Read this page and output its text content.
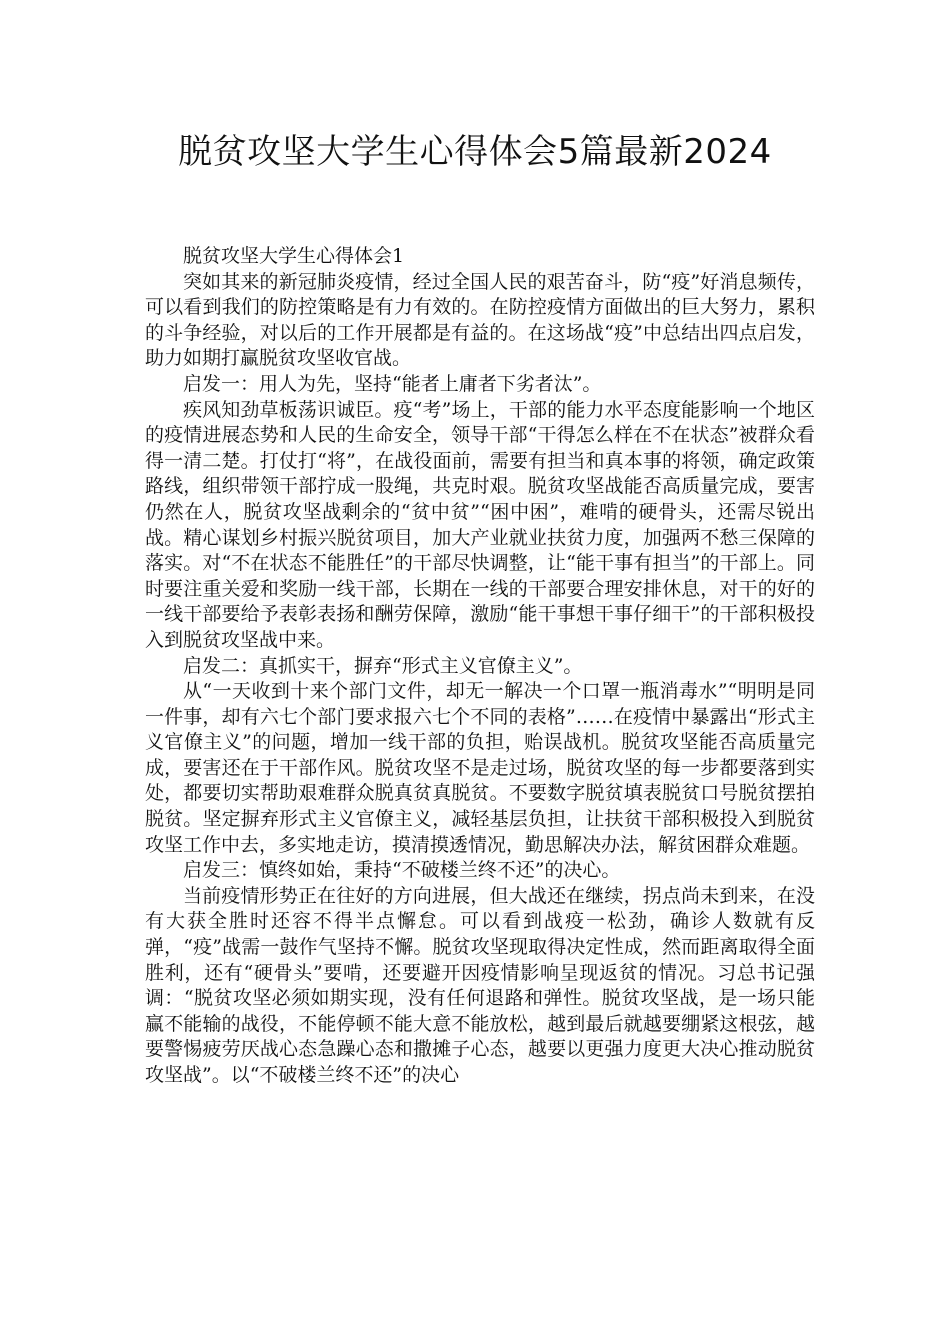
脱贫攻坚大学生心得体会5篇最新2024

脱贫攻坚大学生心得体会1

突如其来的新冠肺炎疫情，经过全国人民的艰苦奋斗，防“疫”好消息频传，可以看到我们的防控策略是有力有效的。在防控疫情方面做出的巨大努力，累积的斗争经验，对以后的工作开展都是有益的。在这场战“疫”中总结出四点启发，助力如期打赢脱贫攻坚收官战。

启发一：用人为先，坚持“能者上庸者下劣者汰”。

疾风知劲草板荡识诚臣。疫“考”场上，干部的能力水平态度能影响一个地区的疫情进展态势和人民的生命安全，领导干部“干得怎么样在不在状态”被群众看得一清二楚。打仗打“将”，在战役面前，需要有担当和真本事的将领，确定政策路线，组织带领干部拧成一股绳，共克时艰。脱贫攻坚战能否高质量完成，要害仍然在人，脱贫攻坚战剩余的“贫中贫”“困中困”，难啃的硬骨头，还需尽锐出战。精心谋划乡村振兴脱贫项目，加大产业就业扶贫力度，加强两不愁三保障的落实。对“不在状态不能胜任”的干部尽快调整，让“能干事有担当”的干部上。同时要注重关爱和奖励一线干部，长期在一线的干部要合理安排休息，对干的好的一线干部要给予表彰表扬和酬劳保障，激励“能干事想干事仔细干”的干部积极投入到脱贫攻坚战中来。

启发二：真抓实干，摒弃“形式主义官僚主义”。

从“一天收到十来个部门文件，却无一解决一个口罩一瓶消毒水”“明明是同一件事，却有六七个部门要求报六七个不同的表格”……在疫情中暴露出“形式主义官僚主义”的问题，增加一线干部的负担，贻误战机。脱贫攻坚能否高质量完成，要害还在于干部作风。脱贫攻坚不是走过场，脱贫攻坚的每一步都要落到实处，都要切实帮助艰难群众脱真贫真脱贫。不要数字脱贫填表脱贫口号脱贫摆拍脱贫。坚定摒弃形式主义官僚主义，减轻基层负担，让扶贫干部积极投入到脱贫攻坚工作中去，多实地走访，摸清摸透情况，勤思解决办法，解贫困群众难题。

启发三：慎终如始，秉持“不破楼兰终不还”的决心。

当前疫情形势正在往好的方向进展，但大战还在继续，拐点尚未到来，在没有大获全胜时还容不得半点懈怠。可以看到战疫一松劲，确诊人数就有反弹，“疫”战需一鼓作气坚持不懈。脱贫攻坚现取得决定性成，然而距离取得全面胜利，还有“硬骨头”要啃，还要避开因疫情影响呈现返贫的情况。习总书记强调：“脱贫攻坚必须如期实现，没有任何退路和弹性。脱贫攻坚战，是一场只能赢不能输的战役，不能停顿不能大意不能放松，越到最后就越要绷紧这根弦，越要警惕疲劳厌战心态急躁心态和撒摊子心态，越要以更强力度更大决心推动脱贫攻坚战”。以“不破楼兰终不还”的决心
